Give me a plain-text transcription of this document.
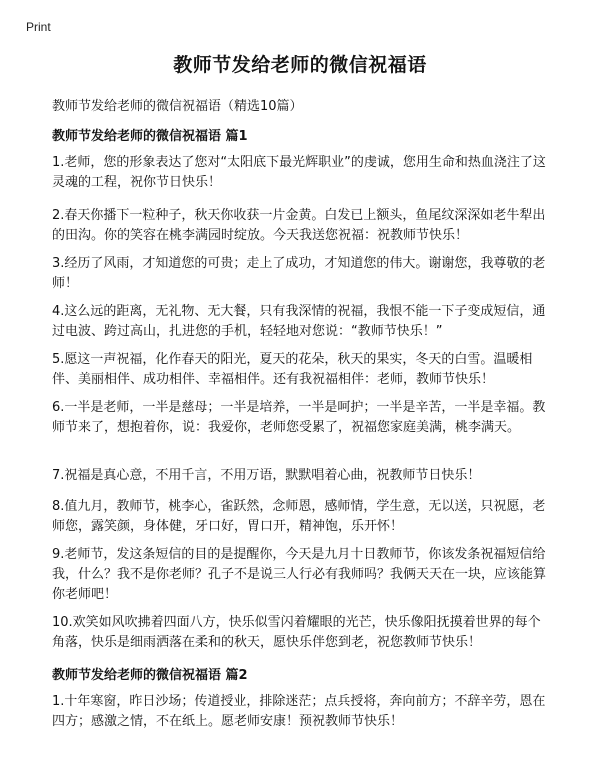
Print
教师节发给老师的微信祝福语
教师节发给老师的微信祝福语（精选10篇）
教师节发给老师的微信祝福语 篇1

1.老师，您的形象表达了您对“太阳底下最光辉职业”的虔诚，您用生命和热血浇注了这灵魂的工程，祝你节日快乐！

2.春天你播下一粒种子，秋天你收获一片金黄。白发已上额头，鱼尾纹深深如老牛犁出的田沟。你的笑容在桃李满园时绽放。今天我送您祝福：祝教师节快乐！

3.经历了风雨，才知道您的可贵；走上了成功，才知道您的伟大。谢谢您，我尊敬的老师！

4.这么远的距离，无礼物、无大餐，只有我深情的祝福，我恨不能一下子变成短信，通过电波、跨过高山，扎进您的手机，轻轻地对您说：“教师节快乐！”

5.愿这一声祝福，化作春天的阳光，夏天的花朵，秋天的果实，冬天的白雪。温暖相伴、美丽相伴、成功相伴、幸福相伴。还有我祝福相伴：老师，教师节快乐！

6.一半是老师，一半是慈母；一半是培养，一半是呵护；一半是辛苦，一半是幸福。教师节来了，想抱着你，说：我爱你，老师您受累了，祝福您家庭美满，桃李满天。

7.祝福是真心意，不用千言，不用万语，默默唱着心曲，祝教师节日快乐！

8.值九月，教师节，桃李心，雀跃然，念师恩，感师情，学生意，无以送，只祝愿，老师您，露笑颜，身体健，牙口好，胃口开，精神饱，乐开怀！

9.老师节，发这条短信的目的是提醒你，今天是九月十日教师节，你该发条祝福短信给我，什么？我不是你老师？孔子不是说三人行必有我师吗？我俩天天在一块，应该能算你老师吧！

10.欢笑如风吹拂着四面八方，快乐似雪闪着耀眼的光芒，快乐像阳抚摸着世界的每个角落，快乐是细雨洒落在柔和的秋天，愿快乐伴您到老，祝您教师节快乐！

教师节发给老师的微信祝福语 篇2

1.十年寒窗，昨日沙场；传道授业，排除迷茫；点兵授将，奔向前方；不辞辛劳，恩在四方；感激之情，不在纸上。愿老师安康！预祝教师节快乐！
